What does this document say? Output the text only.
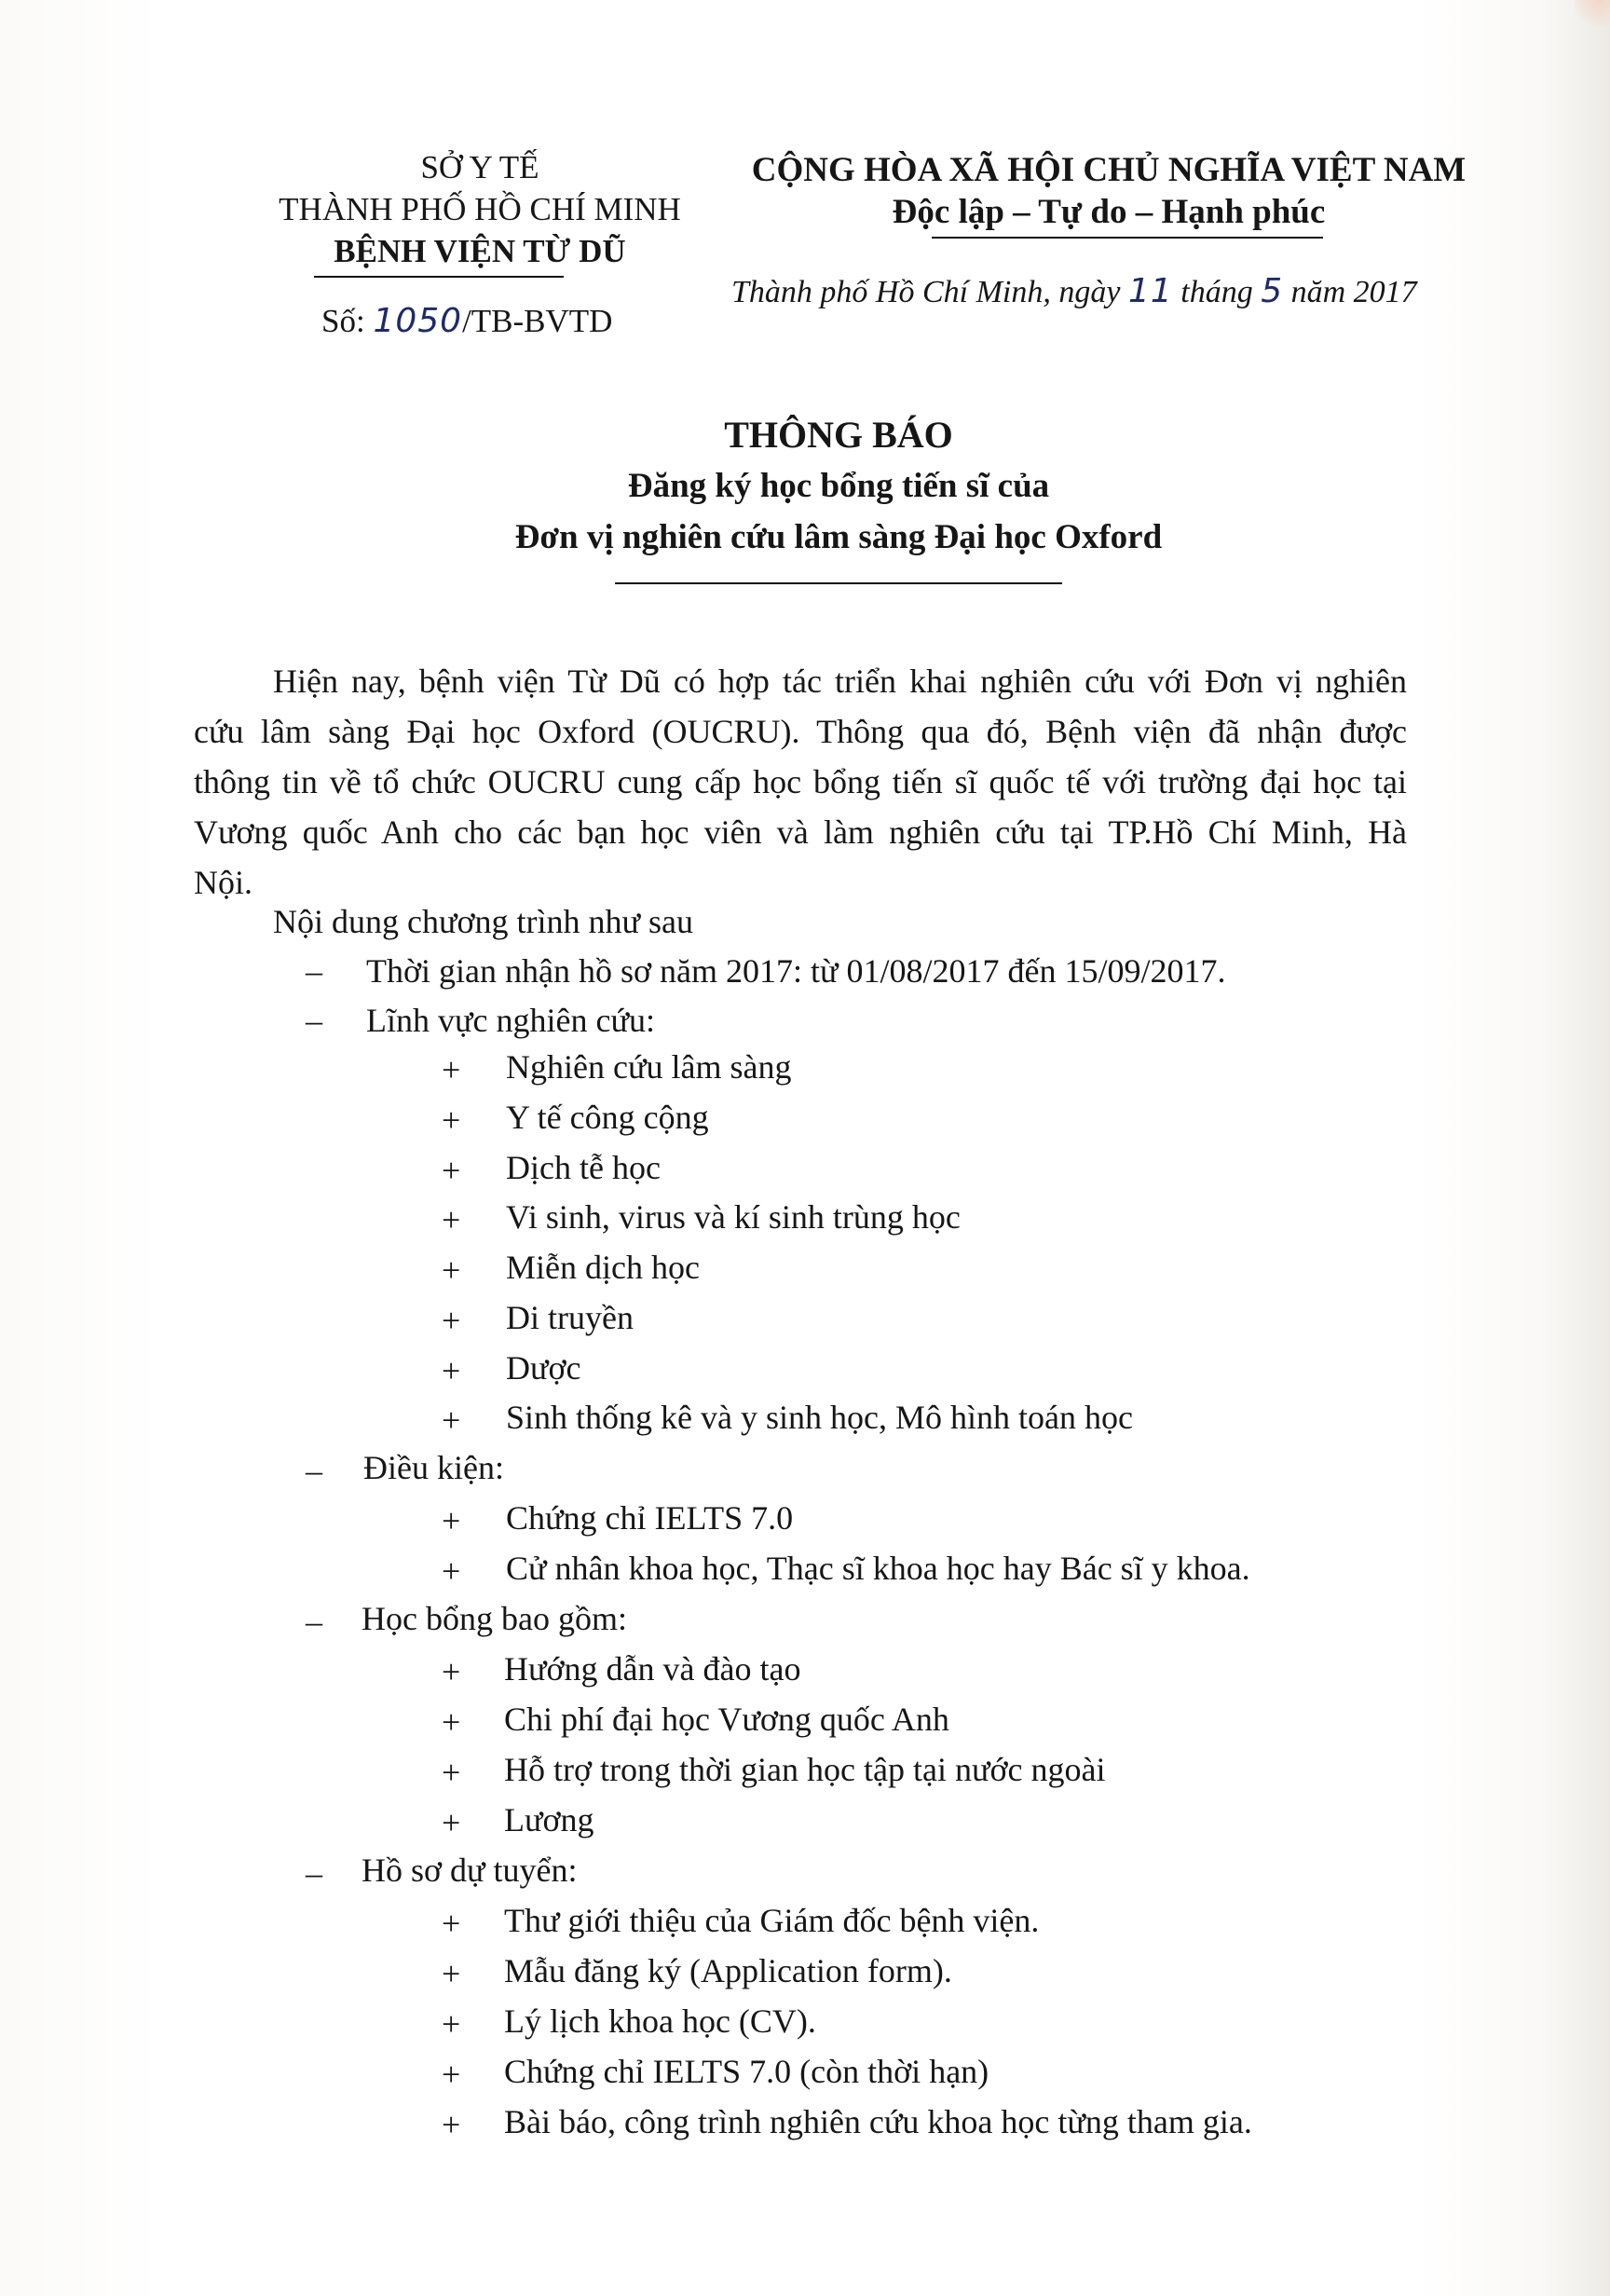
SỞ Y TẾ
THÀNH PHỐ HỒ CHÍ MINH
BỆNH VIỆN TỪ DŨ
Số: 1050/TB-BVTD
CỘNG HÒA XÃ HỘI CHỦ NGHĨA VIỆT NAM
Độc lập – Tự do – Hạnh phúc
Thành phố Hồ Chí Minh, ngày 11 tháng 5 năm 2017
THÔNG BÁO
Đăng ký học bổng tiến sĩ của
Đơn vị nghiên cứu lâm sàng Đại học Oxford
Hiện nay, bệnh viện Từ Dũ có hợp tác triển khai nghiên cứu với Đơn vị nghiên
cứu lâm sàng Đại học Oxford (OUCRU). Thông qua đó, Bệnh viện đã nhận được
thông tin về tổ chức OUCRU cung cấp học bổng tiến sĩ quốc tế với trường đại học tại
Vương quốc Anh cho các bạn học viên và làm nghiên cứu tại TP.Hồ Chí Minh, Hà
Nội.
Nội dung chương trình như sau
– Thời gian nhận hồ sơ năm 2017: từ 01/08/2017 đến 15/09/2017.
– Lĩnh vực nghiên cứu:
+ Nghiên cứu lâm sàng
+ Y tế công cộng
+ Dịch tễ học
+ Vi sinh, virus và kí sinh trùng học
+ Miễn dịch học
+ Di truyền
+ Dược
+ Sinh thống kê và y sinh học, Mô hình toán học
– Điều kiện:
+ Chứng chỉ IELTS 7.0
+ Cử nhân khoa học, Thạc sĩ khoa học hay Bác sĩ y khoa.
– Học bổng bao gồm:
+ Hướng dẫn và đào tạo
+ Chi phí đại học Vương quốc Anh
+ Hỗ trợ trong thời gian học tập tại nước ngoài
+ Lương
– Hồ sơ dự tuyển:
+ Thư giới thiệu của Giám đốc bệnh viện.
+ Mẫu đăng ký (Application form).
+ Lý lịch khoa học (CV).
+ Chứng chỉ IELTS 7.0 (còn thời hạn)
+ Bài báo, công trình nghiên cứu khoa học từng tham gia.
